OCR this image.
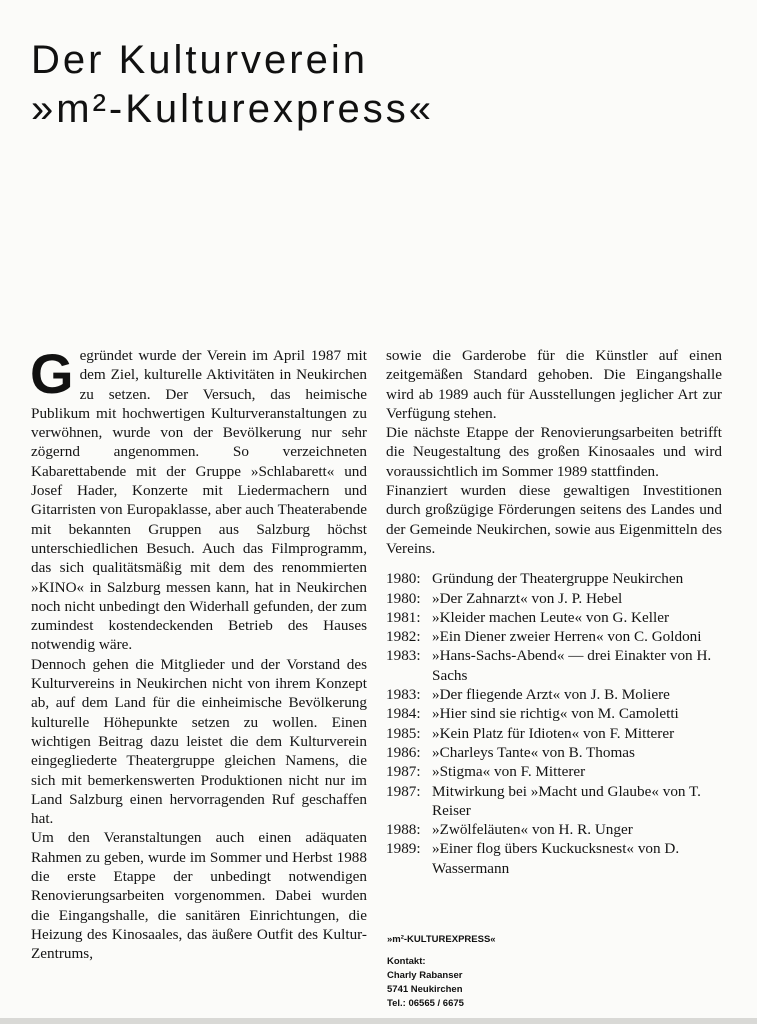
Der Kulturverein
»m²-Kulturexpress«

Gegründet wurde der Verein im April 1987 mit dem Ziel, kulturelle Aktivitäten in Neukirchen zu setzen. Der Versuch, das heimische Publikum mit hochwertigen Kulturveranstaltungen zu verwöhnen, wurde von der Bevölkerung nur sehr zögernd angenommen. So verzeichneten Kabarettabende mit der Gruppe »Schlabarett« und Josef Hader, Konzerte mit Liedermachern und Gitarristen von Europaklasse, aber auch Theaterabende mit bekannten Gruppen aus Salzburg höchst unterschiedlichen Besuch. Auch das Filmprogramm, das sich qualitätsmäßig mit dem des renommierten »KINO« in Salzburg messen kann, hat in Neukirchen noch nicht unbedingt den Widerhall gefunden, der zum zumindest kostendeckenden Betrieb des Hauses notwendig wäre.

Dennoch gehen die Mitglieder und der Vorstand des Kulturvereins in Neukirchen nicht von ihrem Konzept ab, auf dem Land für die einheimische Bevölkerung kulturelle Höhepunkte setzen zu wollen. Einen wichtigen Beitrag dazu leistet die dem Kulturverein eingegliederte Theatergruppe gleichen Namens, die sich mit bemerkenswerten Produktionen nicht nur im Land Salzburg einen hervorragenden Ruf geschaffen hat.

Um den Veranstaltungen auch einen adäquaten Rahmen zu geben, wurde im Sommer und Herbst 1988 die erste Etappe der unbedingt notwendigen Renovierungsarbeiten vorgenommen. Dabei wurden die Eingangshalle, die sanitären Einrichtungen, die Heizung des Kinosaales, das äußere Outfit des Kultur-Zentrums,

sowie die Garderobe für die Künstler auf einen zeitgemäßen Standard gehoben. Die Eingangshalle wird ab 1989 auch für Ausstellungen jeglicher Art zur Verfügung stehen.

Die nächste Etappe der Renovierungsarbeiten betrifft die Neugestaltung des großen Kinosaales und wird voraussichtlich im Sommer 1989 stattfinden.

Finanziert wurden diese gewaltigen Investitionen durch großzügige Förderungen seitens des Landes und der Gemeinde Neukirchen, sowie aus Eigenmitteln des Vereins.

1980: Gründung der Theatergruppe Neukirchen
1980: »Der Zahnarzt« von J. P. Hebel
1981: »Kleider machen Leute« von G. Keller
1982: »Ein Diener zweier Herren« von C. Goldoni
1983: »Hans-Sachs-Abend« — drei Einakter von H. Sachs
1983: »Der fliegende Arzt« von J. B. Moliere
1984: »Hier sind sie richtig« von M. Camoletti
1985: »Kein Platz für Idioten« von F. Mitterer
1986: »Charleys Tante« von B. Thomas
1987: »Stigma« von F. Mitterer
1987: Mitwirkung bei »Macht und Glaube« von T. Reiser
1988: »Zwölfeläuten« von H. R. Unger
1989: »Einer flog übers Kuckucksnest« von D. Wassermann
»m²-KULTUREXPRESS«
Kontakt:
Charly Rabanser
5741 Neukirchen
Tel.: 06565 / 6675
